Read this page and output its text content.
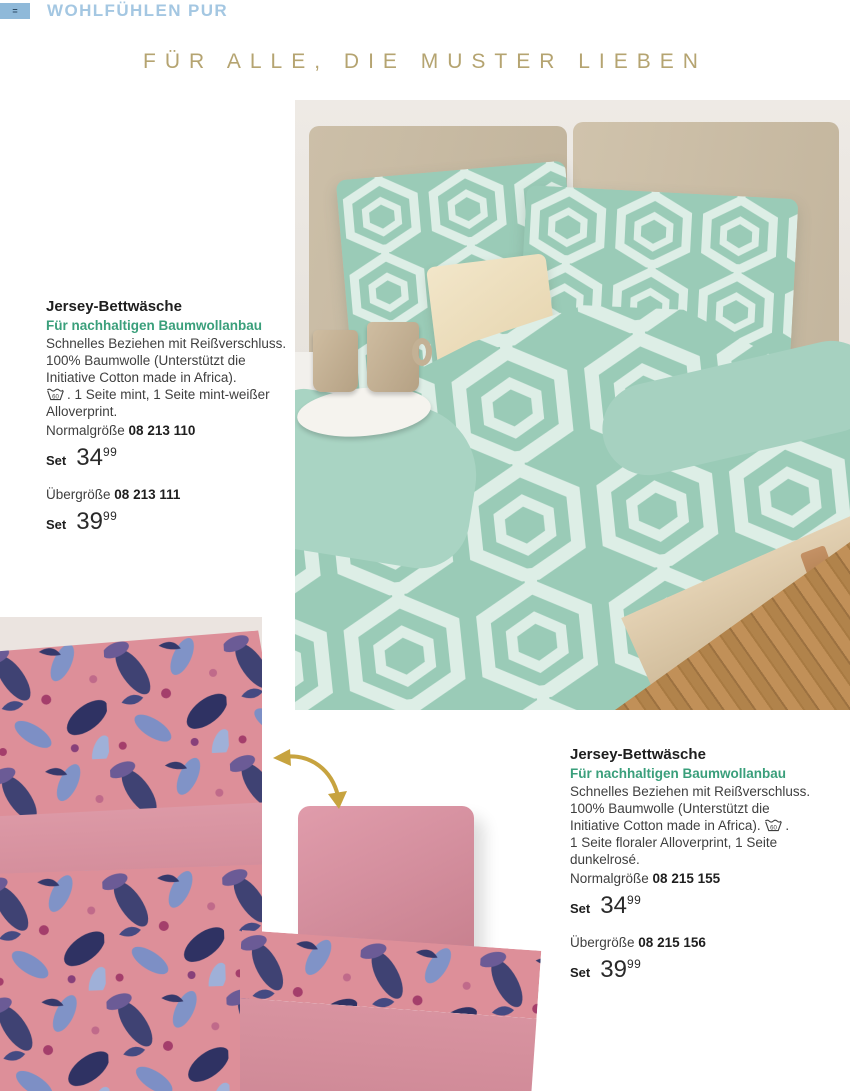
= WOHLFÜHLEN PUR
FÜR ALLE, DIE MUSTER LIEBEN
Jersey-Bettwäsche
Für nachhaltigen Baumwollanbau
Schnelles Beziehen mit Reißverschluss.
100% Baumwolle (Unterstützt die
Initiative Cotton made in Africa).
60 . 1 Seite mint, 1 Seite mint-weißer
Alloverprint.
Normalgröße 08 213 110
Set 3499
Übergröße 08 213 111
Set 3999
Jersey-Bettwäsche
Für nachhaltigen Baumwollanbau
Schnelles Beziehen mit Reißverschluss.
100% Baumwolle (Unterstützt die
Initiative Cotton made in Africa). 60 .
1 Seite floraler Alloverprint, 1 Seite
dunkelrosé.
Normalgröße 08 215 155
Set 3499
Übergröße 08 215 156
Set 3999
